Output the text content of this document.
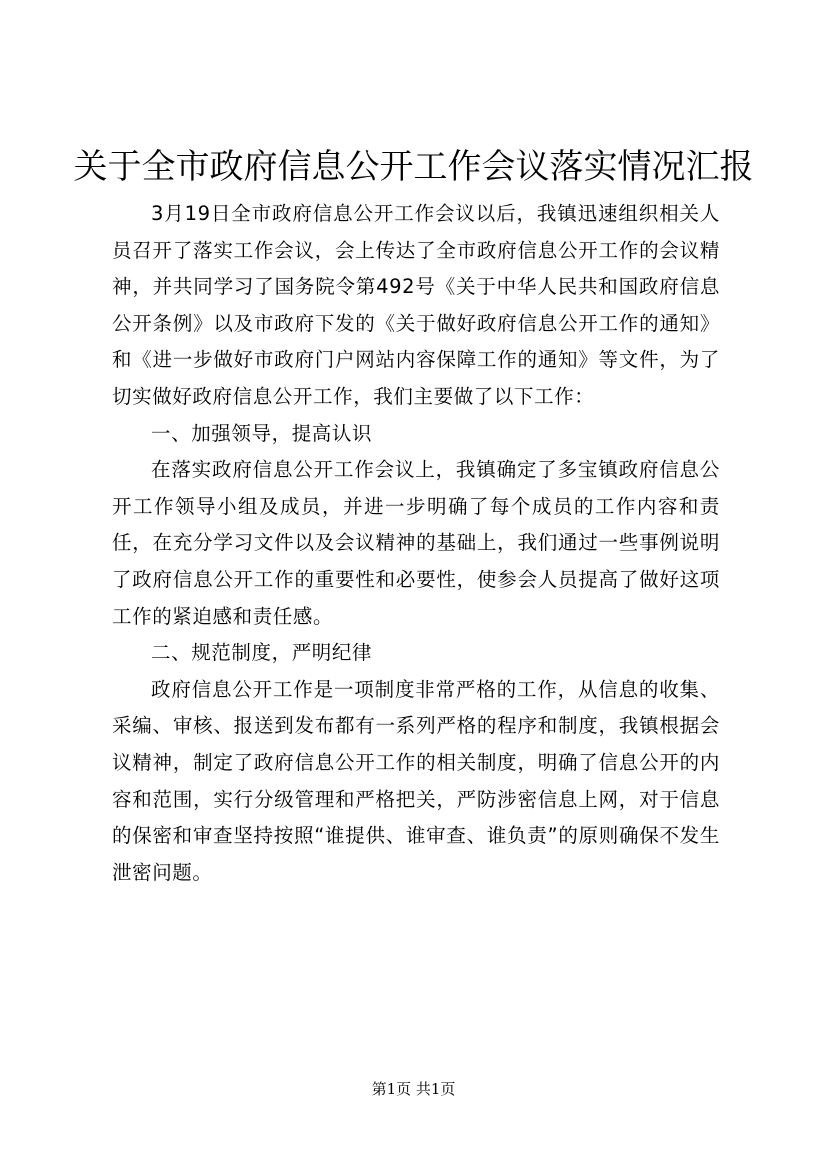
关于全市政府信息公开工作会议落实情况汇报

3月19日全市政府信息公开工作会议以后，我镇迅速组织相关人员召开了落实工作会议，会上传达了全市政府信息公开工作的会议精神，并共同学习了国务院令第492号《关于中华人民共和国政府信息公开条例》以及市政府下发的《关于做好政府信息公开工作的通知》和《进一步做好市政府门户网站内容保障工作的通知》等文件，为了切实做好政府信息公开工作，我们主要做了以下工作：

一、加强领导，提高认识

在落实政府信息公开工作会议上，我镇确定了多宝镇政府信息公开工作领导小组及成员，并进一步明确了每个成员的工作内容和责任，在充分学习文件以及会议精神的基础上，我们通过一些事例说明了政府信息公开工作的重要性和必要性，使参会人员提高了做好这项工作的紧迫感和责任感。

二、规范制度，严明纪律

政府信息公开工作是一项制度非常严格的工作，从信息的收集、采编、审核、报送到发布都有一系列严格的程序和制度，我镇根据会议精神，制定了政府信息公开工作的相关制度，明确了信息公开的内容和范围，实行分级管理和严格把关，严防涉密信息上网，对于信息的保密和审查坚持按照“谁提供、谁审查、谁负责”的原则确保不发生泄密问题。

第1页 共1页
